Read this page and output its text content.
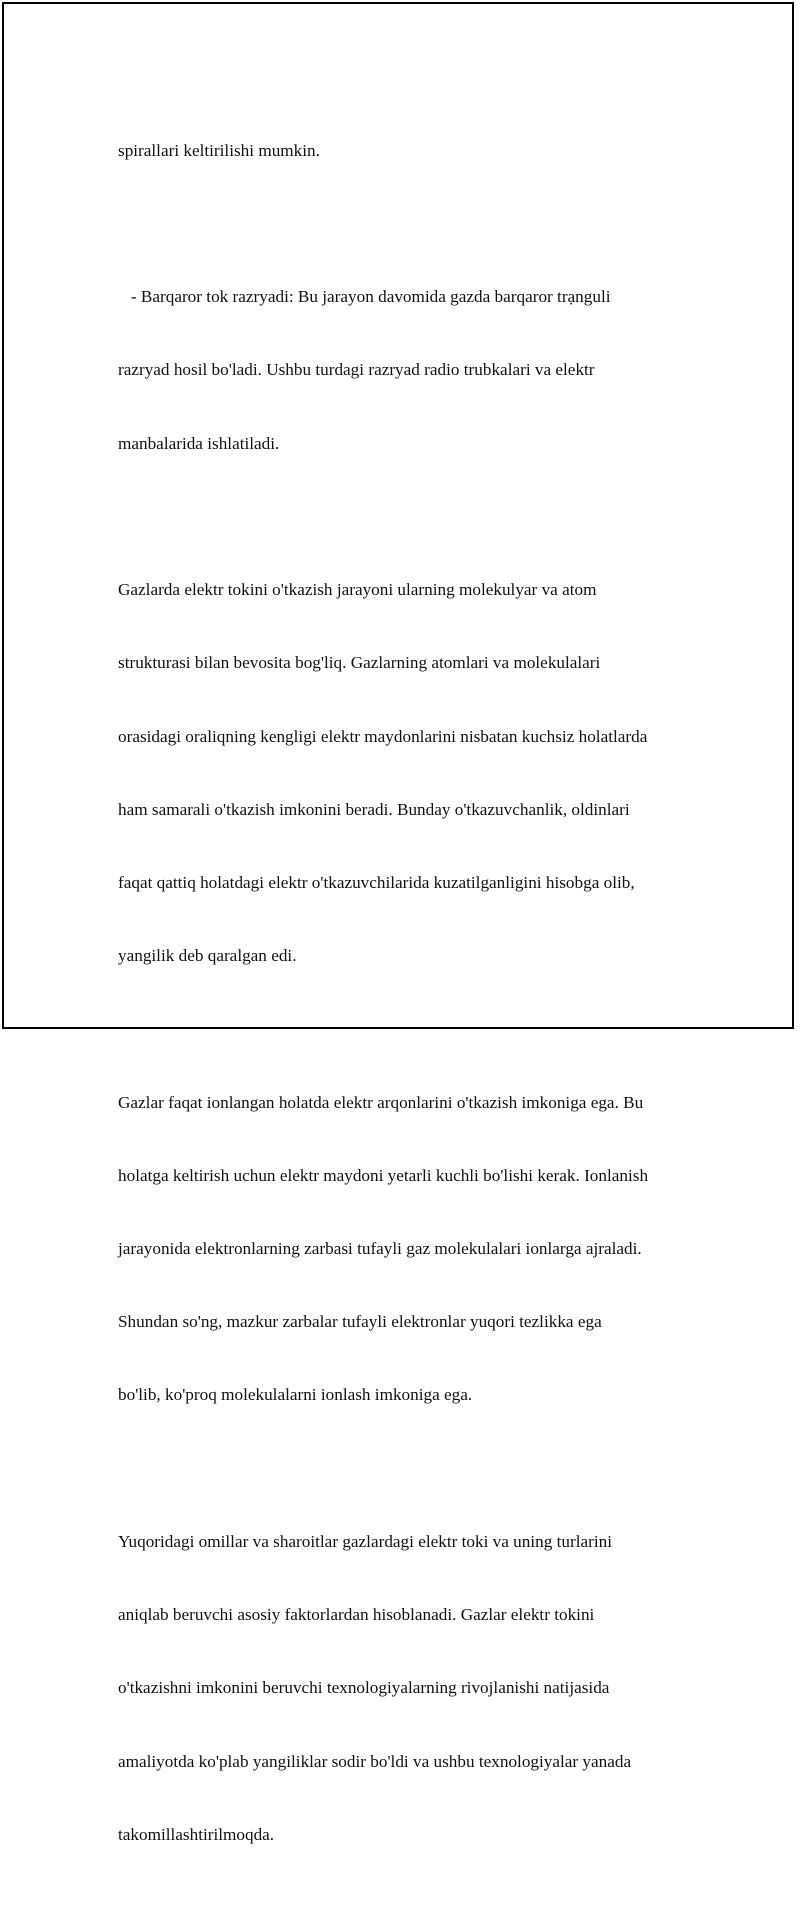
spirallari keltirilishi mumkin.

- Barqaror tok razryadi: Bu jarayon davomida gazda barqaror trạnguli

razryad hosil bo'ladi. Ushbu turdagi razryad radio trubkalari va elektr

manbalarida ishlatiladi.

Gazlarda elektr tokini o'tkazish jarayoni ularning molekulyar va atom

strukturasi bilan bevosita bog'liq. Gazlarning atomlari va molekulalari

orasidagi oraliqning kengligi elektr maydonlarini nisbatan kuchsiz holatlarda

ham samarali o'tkazish imkonini beradi. Bunday o'tkazuvchanlik, oldinlari

faqat qattiq holatdagi elektr o'tkazuvchilarida kuzatilganligini hisobga olib,

yangilik deb qaralgan edi.

Gazlar faqat ionlangan holatda elektr arqonlarini o'tkazish imkoniga ega. Bu

holatga keltirish uchun elektr maydoni yetarli kuchli bo'lishi kerak. Ionlanish

jarayonida elektronlarning zarbasi tufayli gaz molekulalari ionlarga ajraladi.

Shundan so'ng, mazkur zarbalar tufayli elektronlar yuqori tezlikka ega

bo'lib, ko'proq molekulalarni ionlash imkoniga ega.

Yuqoridagi omillar va sharoitlar gazlardagi elektr toki va uning turlarini

aniqlab beruvchi asosiy faktorlardan hisoblanadi. Gazlar elektr tokini

o'tkazishni imkonini beruvchi texnologiyalarning rivojlanishi natijasida

amaliyotda ko'plab yangiliklar sodir bo'ldi va ushbu texnologiyalar yanada

takomillashtirilmoqda.
